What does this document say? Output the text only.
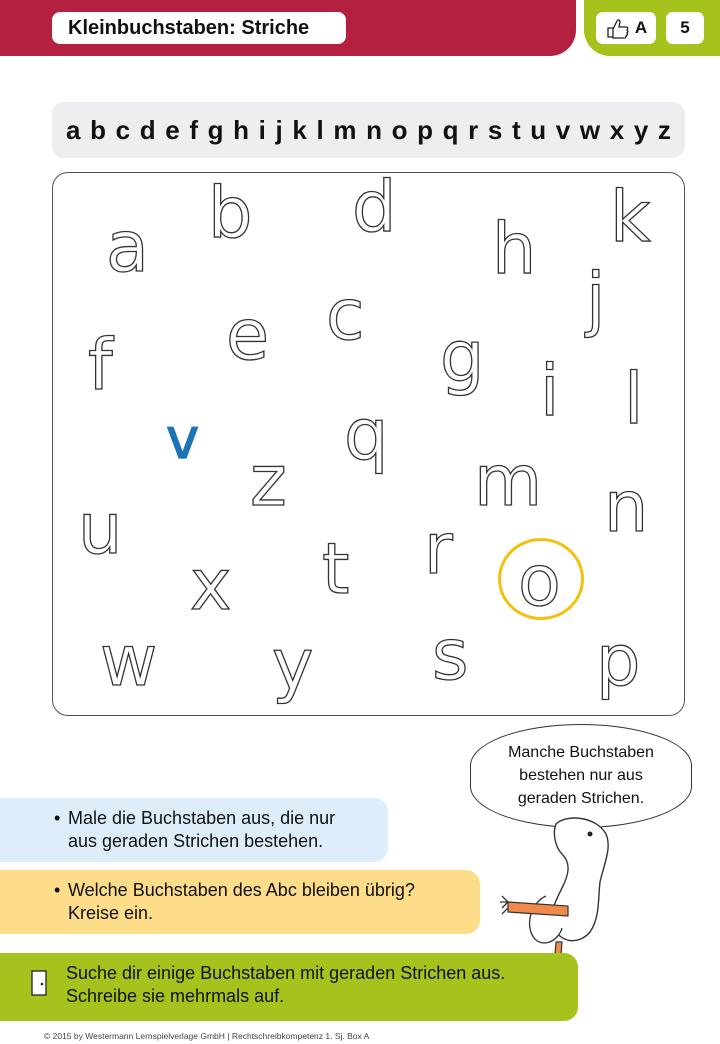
Kleinbuchstaben: Striche	A	5
a b c d e f g h i j k l m n o p q r s t u v w x y z
a b d	k
h
j
c
e
f	g i l
v q
z	m n
u	r
t
x	o
w y s p
Manche Buchstaben
bestehen nur aus
geraden Strichen.
• Male die Buchstaben aus, die nur
aus geraden Strichen bestehen.
• Welche Buchstaben des Abc bleiben übrig?
Kreise ein.
Suche dir einige Buchstaben mit geraden Strichen aus.
Schreibe sie mehrmals auf.
© 2015 by Westermann Lernspielverlage GmbH | Rechtschreibkompetenz 1. Sj. Box A
